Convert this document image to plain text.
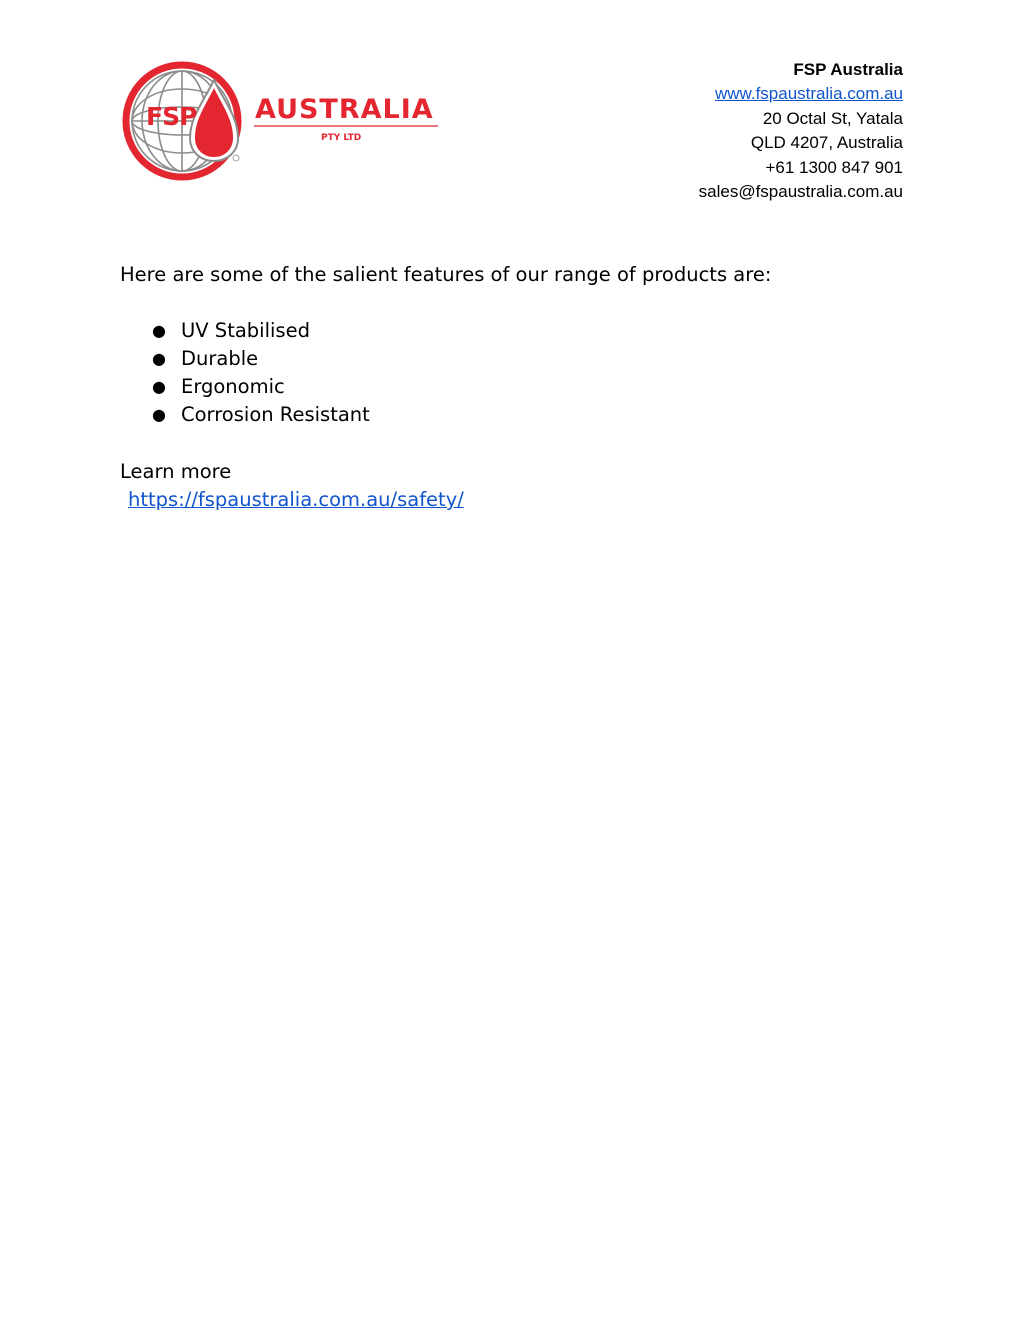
FSP AUSTRALIA
PTY LTD
FSP Australia
www.fspaustralia.com.au
20 Octal St, Yatala
QLD 4207, Australia
+61 1300 847 901
sales@fspaustralia.com.au

Here are some of the salient features of our range of products are:

● UV Stabilised
● Durable
● Ergonomic
● Corrosion Resistant

Learn more

https://fspaustralia.com.au/safety/
